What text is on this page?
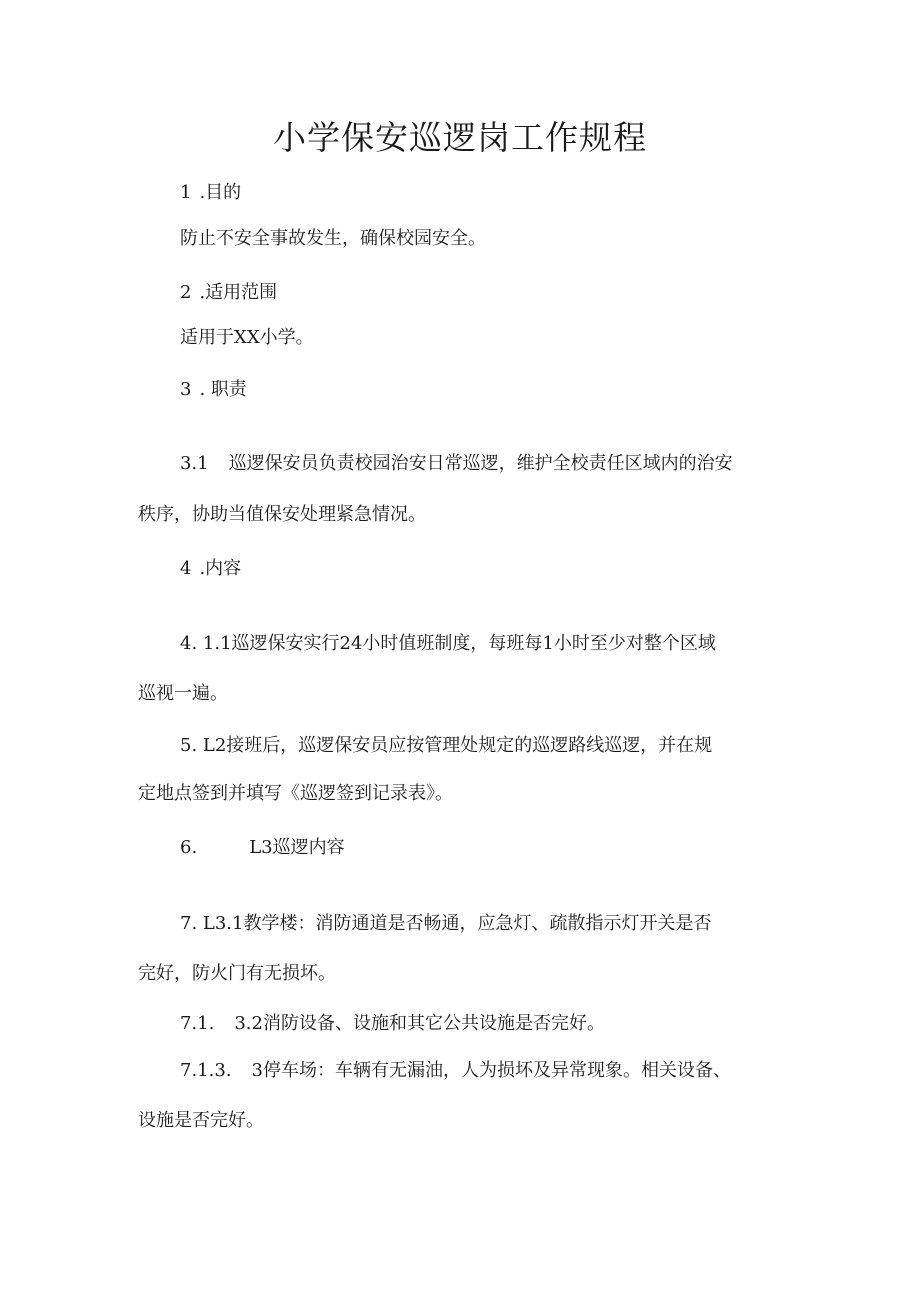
小学保安巡逻岗工作规程

1 .目的

防止不安全事故发生，确保校园安全。

2 .适用范围

适用于XX小学。

3 . 职责

3.1 巡逻保安员负责校园治安日常巡逻，维护全校责任区域内的治安

秩序，协助当值保安处理紧急情况。

4 .内容

4. 1.1巡逻保安实行24小时值班制度，每班每1小时至少对整个区域

巡视一遍。

5. L2接班后，巡逻保安员应按管理处规定的巡逻路线巡逻，并在规

定地点签到并填写《巡逻签到记录表》。

6.	L3巡逻内容

7. L3.1教学楼：消防通道是否畅通，应急灯、疏散指示灯开关是否

完好，防火门有无损坏。

7.1. 3.2消防设备、设施和其它公共设施是否完好。

7.1.3. 3停车场：车辆有无漏油，人为损坏及异常现象。相关设备、

设施是否完好。
